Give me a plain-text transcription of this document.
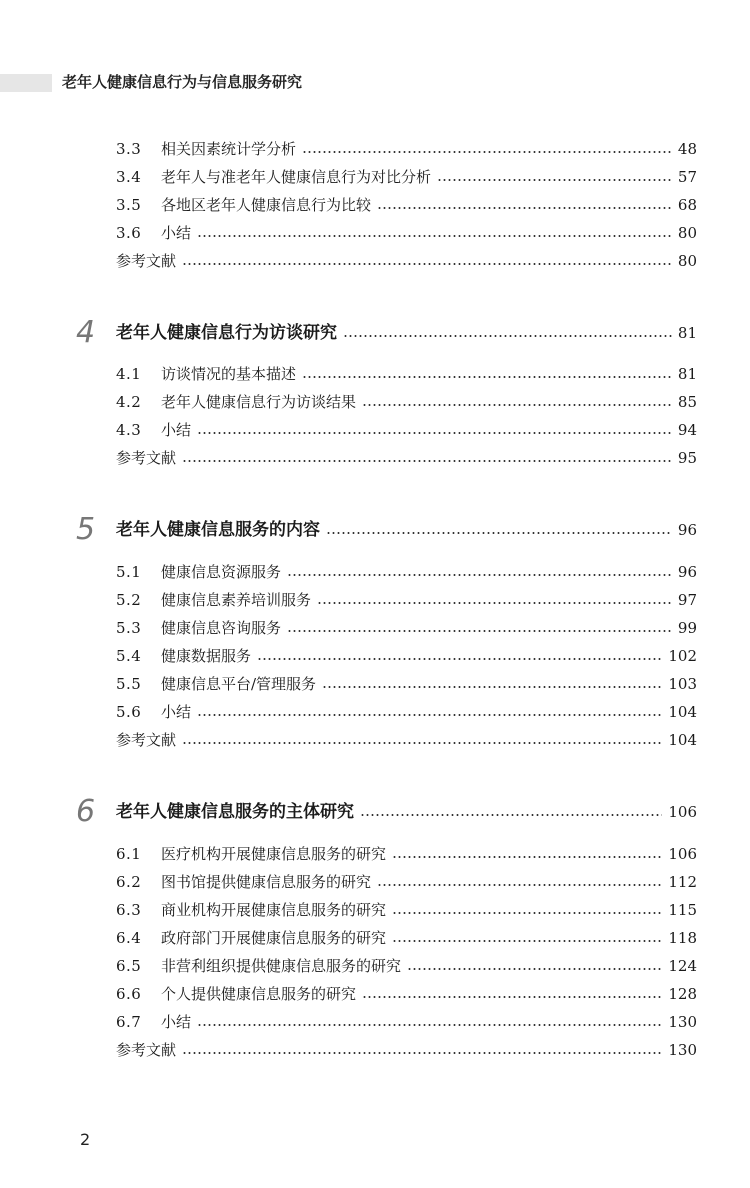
老年人健康信息行为与信息服务研究
3.3	相关因素统计学分析	48
3.4	老年人与准老年人健康信息行为对比分析	57
3.5	各地区老年人健康信息行为比较	68
3.6	小结	80
参考文献	80
4	老年人健康信息行为访谈研究	81
4.1	访谈情况的基本描述	81
4.2	老年人健康信息行为访谈结果	85
4.3	小结	94
参考文献	95
5	老年人健康信息服务的内容	96
5.1	健康信息资源服务	96
5.2	健康信息素养培训服务	97
5.3	健康信息咨询服务	99
5.4	健康数据服务	102
5.5	健康信息平台/管理服务	103
5.6	小结	104
参考文献	104
6	老年人健康信息服务的主体研究	106
6.1	医疗机构开展健康信息服务的研究	106
6.2	图书馆提供健康信息服务的研究	112
6.3	商业机构开展健康信息服务的研究	115
6.4	政府部门开展健康信息服务的研究	118
6.5	非营利组织提供健康信息服务的研究	124
6.6	个人提供健康信息服务的研究	128
6.7	小结	130
参考文献	130
2
